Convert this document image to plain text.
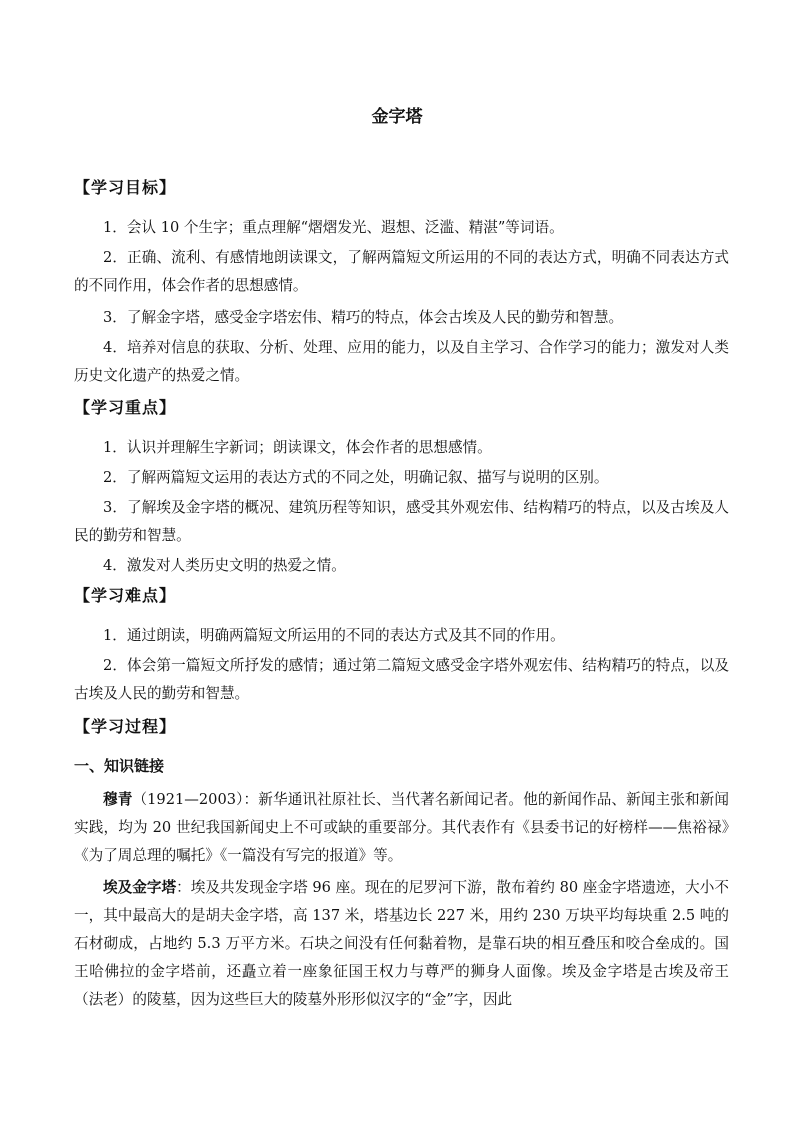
金字塔
【学习目标】
1．会认 10 个生字；重点理解“熠熠发光、遐想、泛滥、精湛”等词语。
2．正确、流利、有感情地朗读课文，了解两篇短文所运用的不同的表达方式，明确不同表达方式的不同作用，体会作者的思想感情。
3．了解金字塔，感受金字塔宏伟、精巧的特点，体会古埃及人民的勤劳和智慧。
4．培养对信息的获取、分析、处理、应用的能力，以及自主学习、合作学习的能力；激发对人类历史文化遗产的热爱之情。
【学习重点】
1．认识并理解生字新词；朗读课文，体会作者的思想感情。
2．了解两篇短文运用的表达方式的不同之处，明确记叙、描写与说明的区别。
3．了解埃及金字塔的概况、建筑历程等知识，感受其外观宏伟、结构精巧的特点，以及古埃及人民的勤劳和智慧。
4．激发对人类历史文明的热爱之情。
【学习难点】
1．通过朗读，明确两篇短文所运用的不同的表达方式及其不同的作用。
2．体会第一篇短文所抒发的感情；通过第二篇短文感受金字塔外观宏伟、结构精巧的特点，以及古埃及人民的勤劳和智慧。
【学习过程】
一、知识链接
穆青（1921—2003）：新华通讯社原社长、当代著名新闻记者。他的新闻作品、新闻主张和新闻实践，均为 20 世纪我国新闻史上不可或缺的重要部分。其代表作有《县委书记的好榜样——焦裕禄》《为了周总理的嘱托》《一篇没有写完的报道》等。
埃及金字塔：埃及共发现金字塔 96 座。现在的尼罗河下游，散布着约 80 座金字塔遗迹，大小不一，其中最高大的是胡夫金字塔，高 137 米，塔基边长 227 米，用约 230 万块平均每块重 2.5 吨的石材砌成，占地约 5.3 万平方米。石块之间没有任何黏着物，是靠石块的相互叠压和咬合垒成的。国王哈佛拉的金字塔前，还矗立着一座象征国王权力与尊严的狮身人面像。埃及金字塔是古埃及帝王（法老）的陵墓，因为这些巨大的陵墓外形形似汉字的“金”字，因此
